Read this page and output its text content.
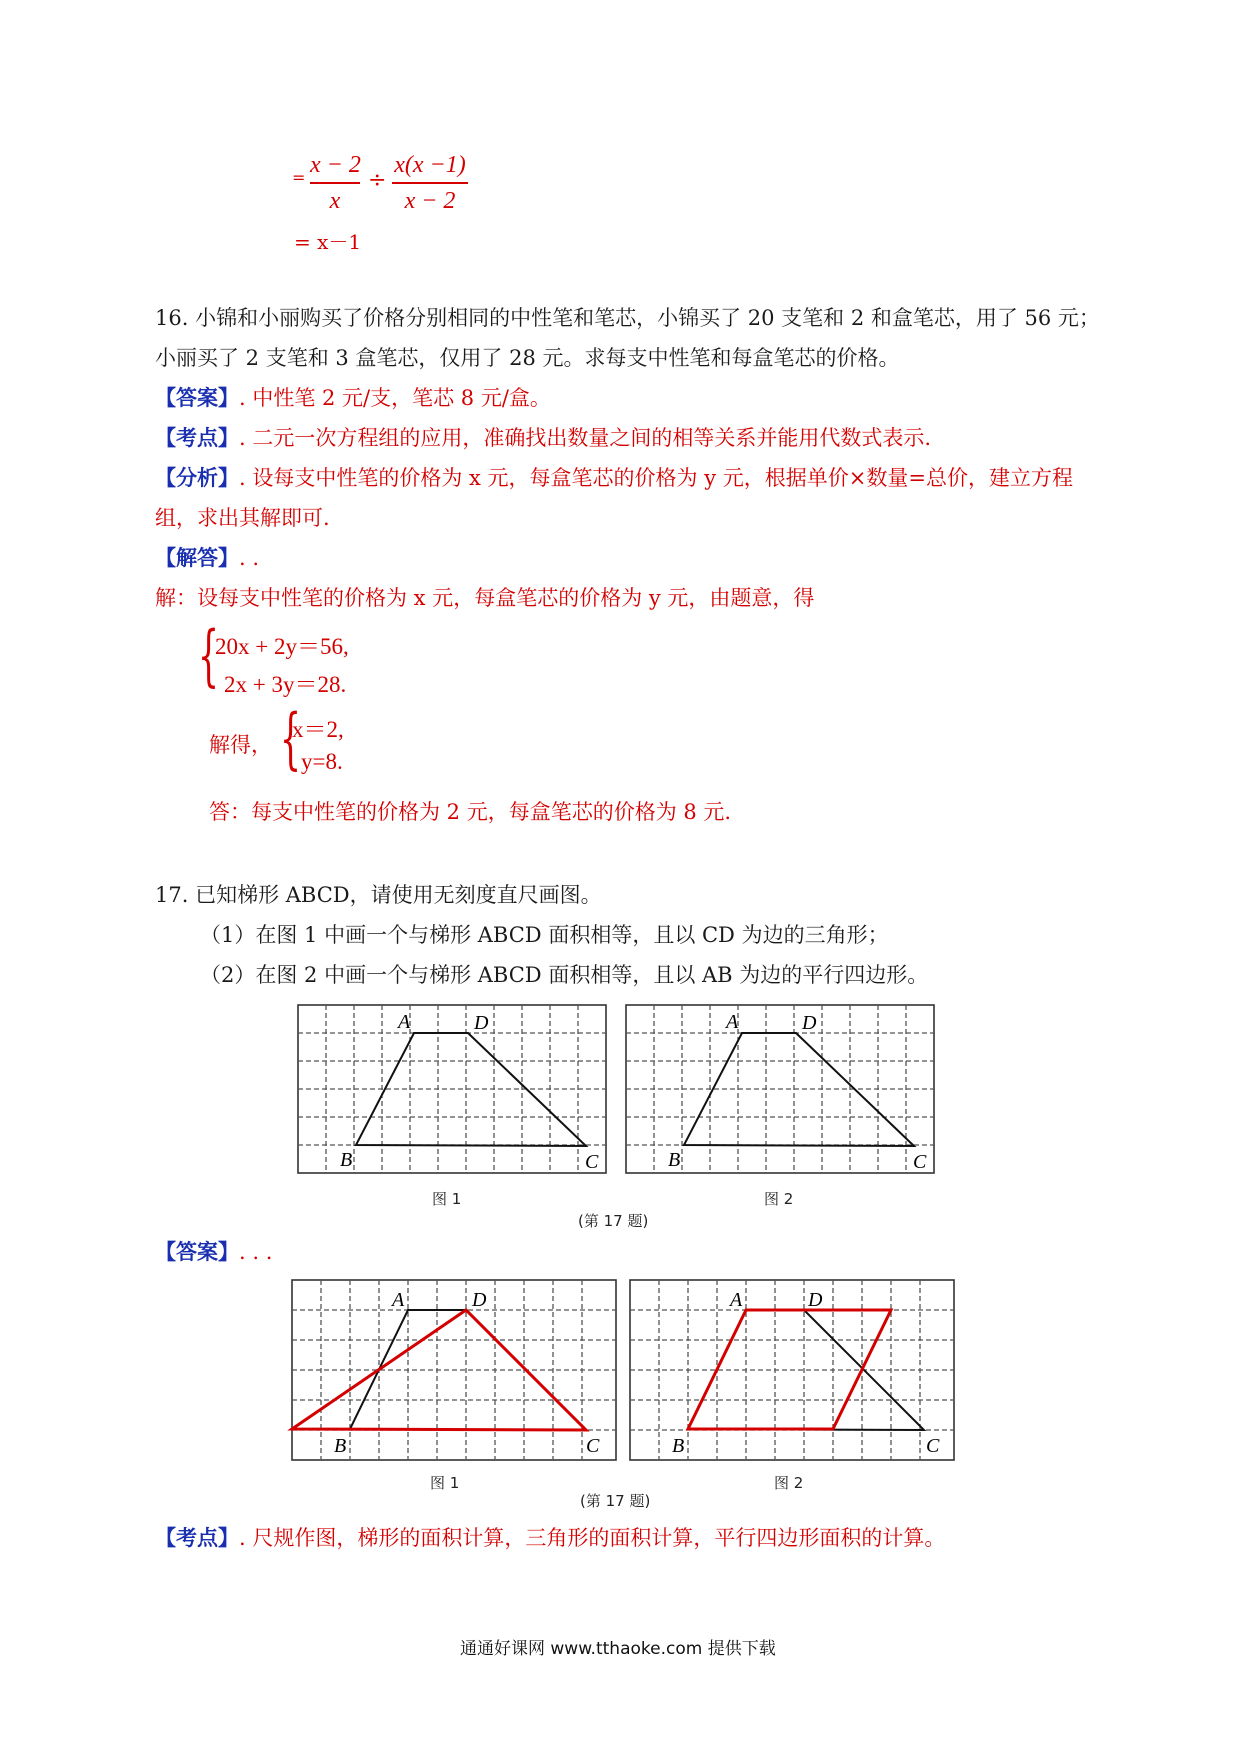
= x − 2
x
÷
x(x −1)
x − 2
= x－1
16. 小锦和小丽购买了价格分别相同的中性笔和笔芯，小锦买了 20 支笔和 2 和盒笔芯，用了 56 元；
小丽买了 2 支笔和 3 盒笔芯，仅用了 28 元。求每支中性笔和每盒笔芯的价格。
【答案】. 中性笔 2 元/支，笔芯 8 元/盒。
【考点】. 二元一次方程组的应用，准确找出数量之间的相等关系并能用代数式表示.
【分析】. 设每支中性笔的价格为 x 元，每盒笔芯的价格为 y 元，根据单价×数量=总价，建立方程
组，求出其解即可.
【解答】. .
解：设每支中性笔的价格为 x 元，每盒笔芯的价格为 y 元，由题意，得
{
20x + 2y＝56,
2x + 3y＝28.
解得， {
x＝2,
y=8.
答：每支中性笔的价格为 2 元，每盒笔芯的价格为 8 元.
17. 已知梯形 ABCD，请使用无刻度直尺画图。
（1）在图 1 中画一个与梯形 ABCD 面积相等，且以 CD 为边的三角形；
（2）在图 2 中画一个与梯形 ABCD 面积相等，且以 AB 为边的平行四边形。
A	D
B	C
A	D
B	C
图 1	图 2
(第 17 题)
【答案】. . .
A	D
B	C
A	D
B	C
图 1	图 2
(第 17 题)
【考点】. 尺规作图，梯形的面积计算，三角形的面积计算，平行四边形面积的计算。
通通好课网 www.tthaoke.com 提供下载
